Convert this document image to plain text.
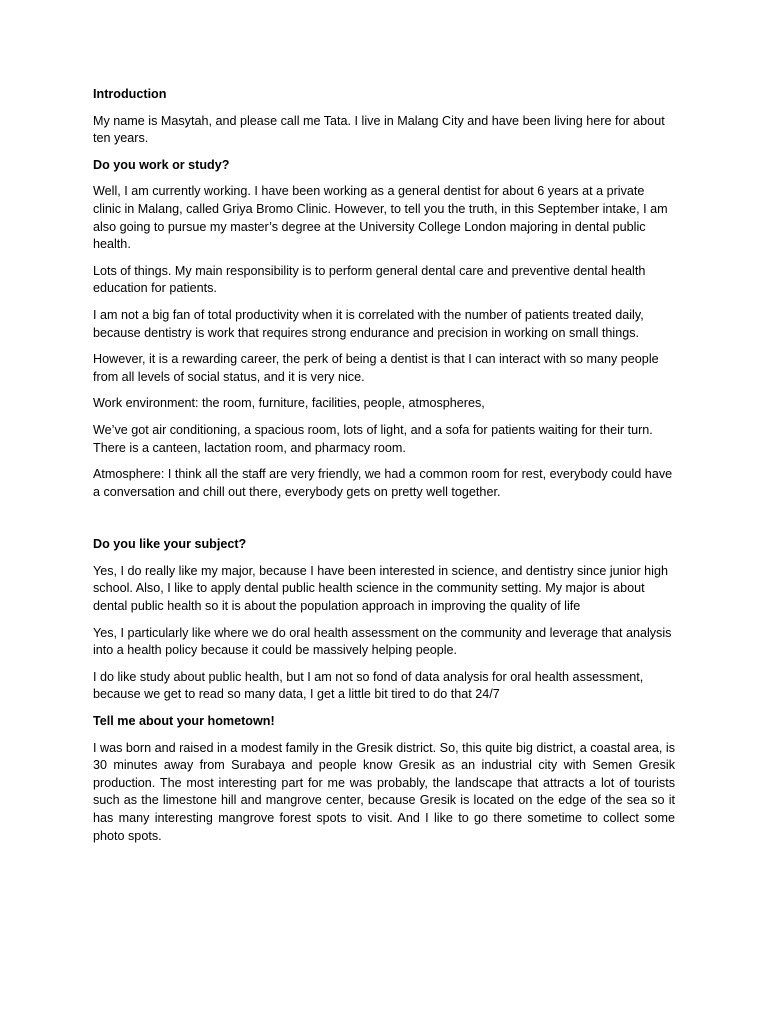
Introduction

My name is Masytah, and please call me Tata. I live in Malang City and have been living here for about ten years.

Do you work or study?

Well, I am currently working. I have been working as a general dentist for about 6 years at a private clinic in Malang, called Griya Bromo Clinic. However, to tell you the truth, in this September intake, I am also going to pursue my master’s degree at the University College London majoring in dental public health.

Lots of things. My main responsibility is to perform general dental care and preventive dental health education for patients.

I am not a big fan of total productivity when it is correlated with the number of patients treated daily, because dentistry is work that requires strong endurance and precision in working on small things.

However, it is a rewarding career, the perk of being a dentist is that I can interact with so many people from all levels of social status, and it is very nice.

Work environment: the room, furniture, facilities, people, atmospheres,

We’ve got air conditioning, a spacious room, lots of light, and a sofa for patients waiting for their turn. There is a canteen, lactation room, and pharmacy room.

Atmosphere: I think all the staff are very friendly, we had a common room for rest, everybody could have a conversation and chill out there, everybody gets on pretty well together.

Do you like your subject?

Yes, I do really like my major, because I have been interested in science, and dentistry since junior high school. Also, I like to apply dental public health science in the community setting. My major is about dental public health so it is about the population approach in improving the quality of life

Yes, I particularly like where we do oral health assessment on the community and leverage that analysis into a health policy because it could be massively helping people.

I do like study about public health, but I am not so fond of data analysis for oral health assessment, because we get to read so many data, I get a little bit tired to do that 24/7

Tell me about your hometown!

I was born and raised in a modest family in the Gresik district. So, this quite big district, a coastal area, is 30 minutes away from Surabaya and people know Gresik as an industrial city with Semen Gresik production. The most interesting part for me was probably, the landscape that attracts a lot of tourists such as the limestone hill and mangrove center, because Gresik is located on the edge of the sea so it has many interesting mangrove forest spots to visit. And I like to go there sometime to collect some photo spots.
